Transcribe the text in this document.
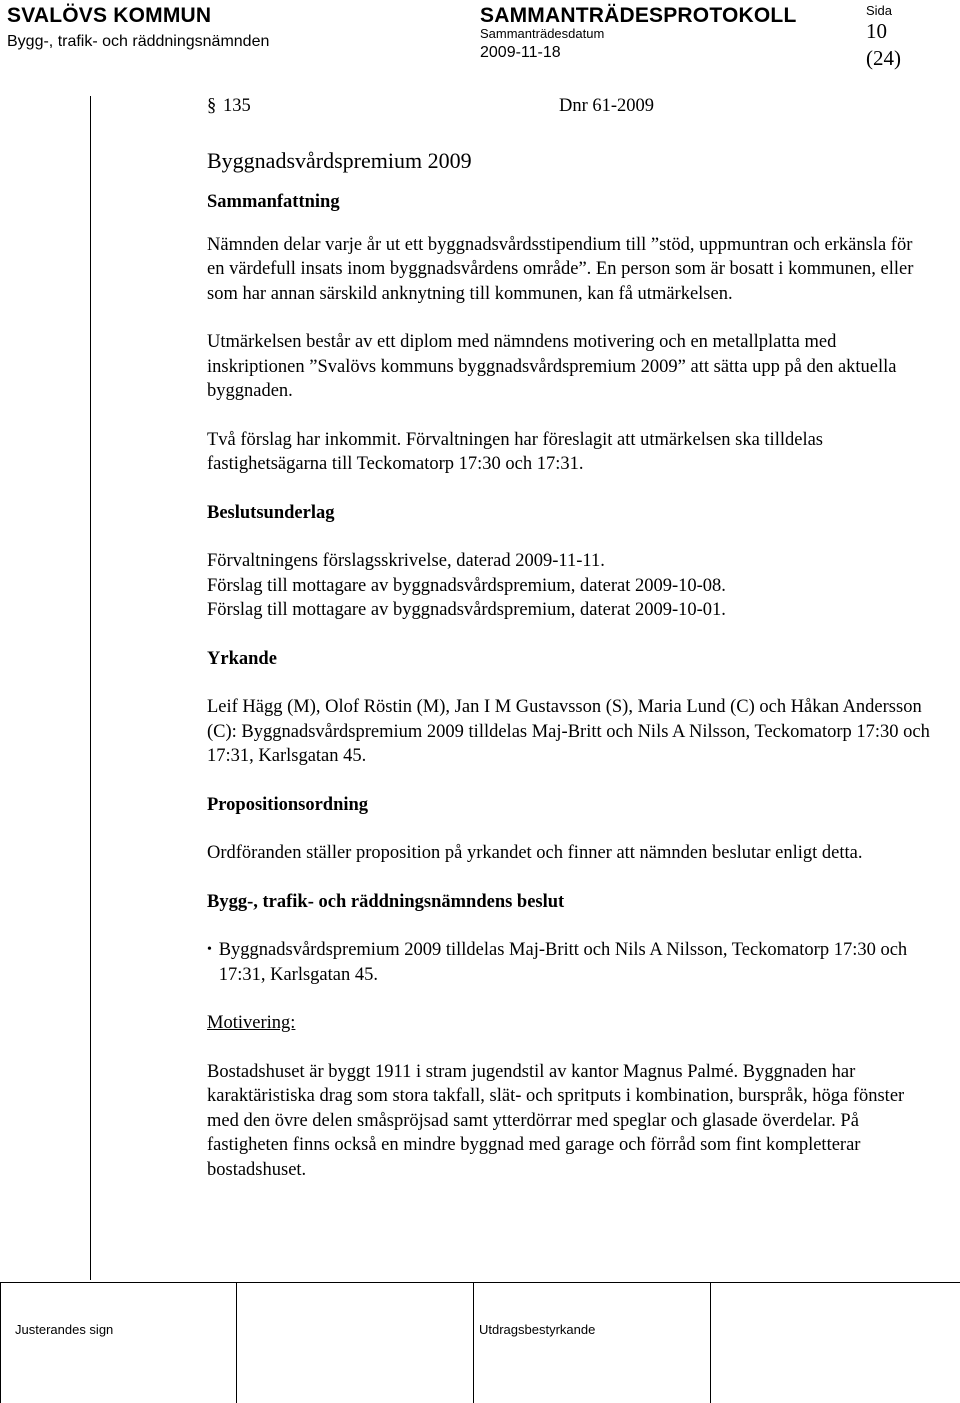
SVALÖVS KOMMUN
Bygg-, trafik- och räddningsnämnden
SAMMANTRÄDESPROTOKOLL
Sammanträdesdatum
2009-11-18
Sida
10
(24)
§ 135	Dnr 61-2009
Byggnadsvårdspremium 2009

Sammanfattning

Nämnden delar varje år ut ett byggnadsvårdsstipendium till ”stöd, uppmuntran och erkänsla för en värdefull insats inom byggnadsvårdens område”. En person som är bosatt i kommunen, eller som har annan särskild anknytning till kommunen, kan få utmärkelsen.

Utmärkelsen består av ett diplom med nämndens motivering och en metallplatta med inskriptionen ”Svalövs kommuns byggnadsvårdspremium 2009” att sätta upp på den aktuella byggnaden.

Två förslag har inkommit. Förvaltningen har föreslagit att utmärkelsen ska tilldelas fastighetsägarna till Teckomatorp 17:30 och 17:31.

Beslutsunderlag

Förvaltningens förslagsskrivelse, daterad 2009-11-11.

Förslag till mottagare av byggnadsvårdspremium, daterat 2009-10-08.

Förslag till mottagare av byggnadsvårdspremium, daterat 2009-10-01.

Yrkande

Leif Hägg (M), Olof Röstin (M), Jan I M Gustavsson (S), Maria Lund (C) och Håkan Andersson (C): Byggnadsvårdspremium 2009 tilldelas Maj-Britt och Nils A Nilsson, Teckomatorp 17:30 och 17:31, Karlsgatan 45.

Propositionsordning

Ordföranden ställer proposition på yrkandet och finner att nämnden beslutar enligt detta.

Bygg-, trafik- och räddningsnämndens beslut

• Byggnadsvårdspremium 2009 tilldelas Maj-Britt och Nils A Nilsson, Teckomatorp 17:30 och 17:31, Karlsgatan 45.

Motivering:

Bostadshuset är byggt 1911 i stram jugendstil av kantor Magnus Palmé. Byggnaden har karaktäristiska drag som stora takfall, slät- och spritputs i kombination, burspråk, höga fönster med den övre delen småspröjsad samt ytterdörrar med speglar och glasade överdelar. På fastigheten finns också en mindre byggnad med garage och förråd som fint kompletterar bostadshuset.

Justerandes sign	Utdragsbestyrkande
